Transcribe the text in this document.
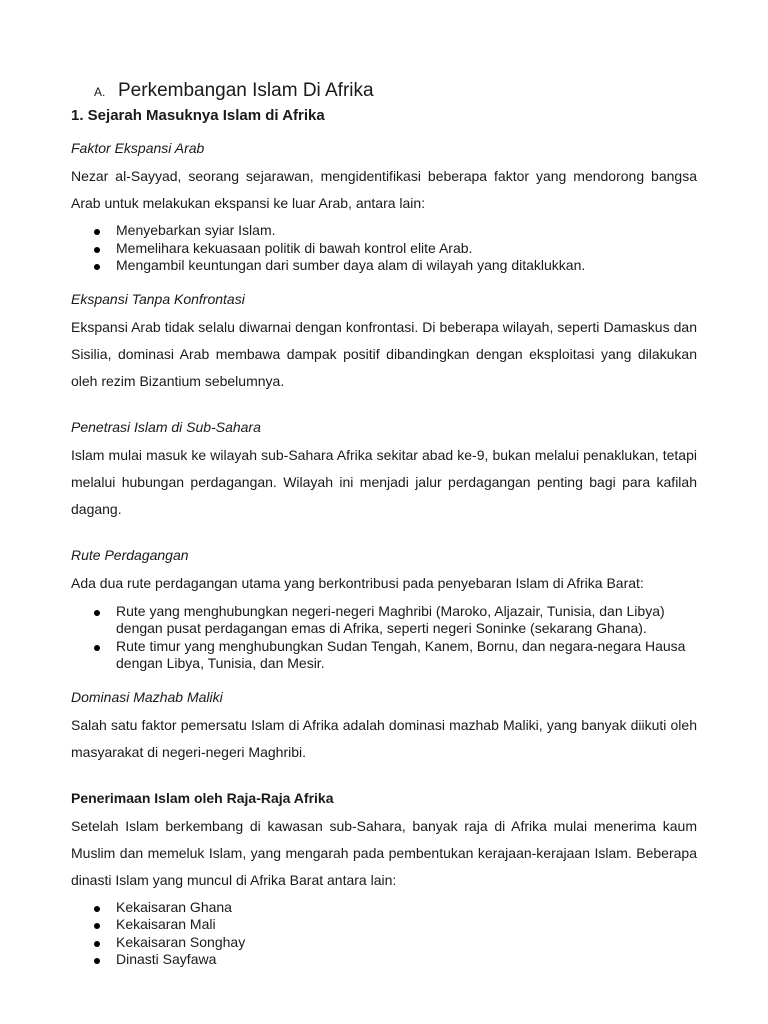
A. Perkembangan Islam Di Afrika
1. Sejarah Masuknya Islam di Afrika
Faktor Ekspansi Arab

Nezar al-Sayyad, seorang sejarawan, mengidentifikasi beberapa faktor yang mendorong bangsa Arab untuk melakukan ekspansi ke luar Arab, antara lain:

Menyebarkan syiar Islam.
Memelihara kekuasaan politik di bawah kontrol elite Arab.
Mengambil keuntungan dari sumber daya alam di wilayah yang ditaklukkan.
Ekspansi Tanpa Konfrontasi

Ekspansi Arab tidak selalu diwarnai dengan konfrontasi. Di beberapa wilayah, seperti Damaskus dan Sisilia, dominasi Arab membawa dampak positif dibandingkan dengan eksploitasi yang dilakukan oleh rezim Bizantium sebelumnya.

Penetrasi Islam di Sub-Sahara

Islam mulai masuk ke wilayah sub-Sahara Afrika sekitar abad ke-9, bukan melalui penaklukan, tetapi melalui hubungan perdagangan. Wilayah ini menjadi jalur perdagangan penting bagi para kafilah dagang.

Rute Perdagangan

Ada dua rute perdagangan utama yang berkontribusi pada penyebaran Islam di Afrika Barat:

Rute yang menghubungkan negeri-negeri Maghribi (Maroko, Aljazair, Tunisia, dan Libya) dengan pusat perdagangan emas di Afrika, seperti negeri Soninke (sekarang Ghana).
Rute timur yang menghubungkan Sudan Tengah, Kanem, Bornu, dan negara-negara Hausa dengan Libya, Tunisia, dan Mesir.
Dominasi Mazhab Maliki

Salah satu faktor pemersatu Islam di Afrika adalah dominasi mazhab Maliki, yang banyak diikuti oleh masyarakat di negeri-negeri Maghribi.

Penerimaan Islam oleh Raja-Raja Afrika

Setelah Islam berkembang di kawasan sub-Sahara, banyak raja di Afrika mulai menerima kaum Muslim dan memeluk Islam, yang mengarah pada pembentukan kerajaan-kerajaan Islam. Beberapa dinasti Islam yang muncul di Afrika Barat antara lain:

Kekaisaran Ghana
Kekaisaran Mali
Kekaisaran Songhay
Dinasti Sayfawa
